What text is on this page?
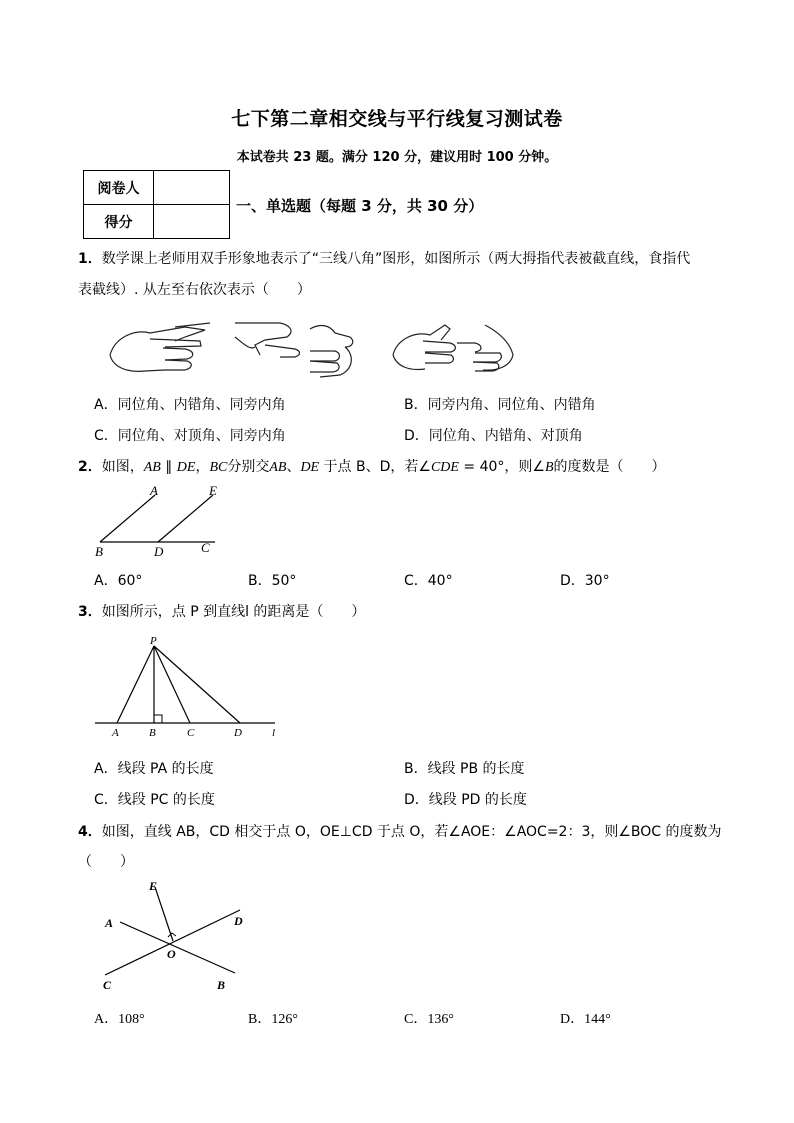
七下第二章相交线与平行线复习测试卷
本试卷共 23 题。满分 120 分，建议用时 100 分钟。
阅卷人	
得分	
一、单选题（每题 3 分，共 30 分）
1．数学课上老师用双手形象地表示了“三线八角”图形，如图所示（两大拇指代表被截直线，食指代
表截线）. 从左至右依次表示（　　）
A．同位角、内错角、同旁内角	B．同旁内角、同位角、内错角
C．同位角、对顶角、同旁内角	D．同位角、内错角、对顶角
2．如图，AB ∥ DE，BC分别交AB、DE 于点 B、D，若∠CDE = 40°，则∠B的度数是（　　）
A	E
B	D	C
A．60°	B．50°	C．40°	D．30°
3．如图所示，点 P 到直线l 的距离是（　　）
P
A	B	C	D	l
A．线段 PA 的长度	B．线段 PB 的长度
C．线段 PC 的长度	D．线段 PD 的长度
4．如图，直线 AB，CD 相交于点 O，OE⊥CD 于点 O，若∠AOE：∠AOC=2：3，则∠BOC 的度数为
（　　）
E
A	D
O
C	B
A．108°	B．126°	C．136°	D．144°
